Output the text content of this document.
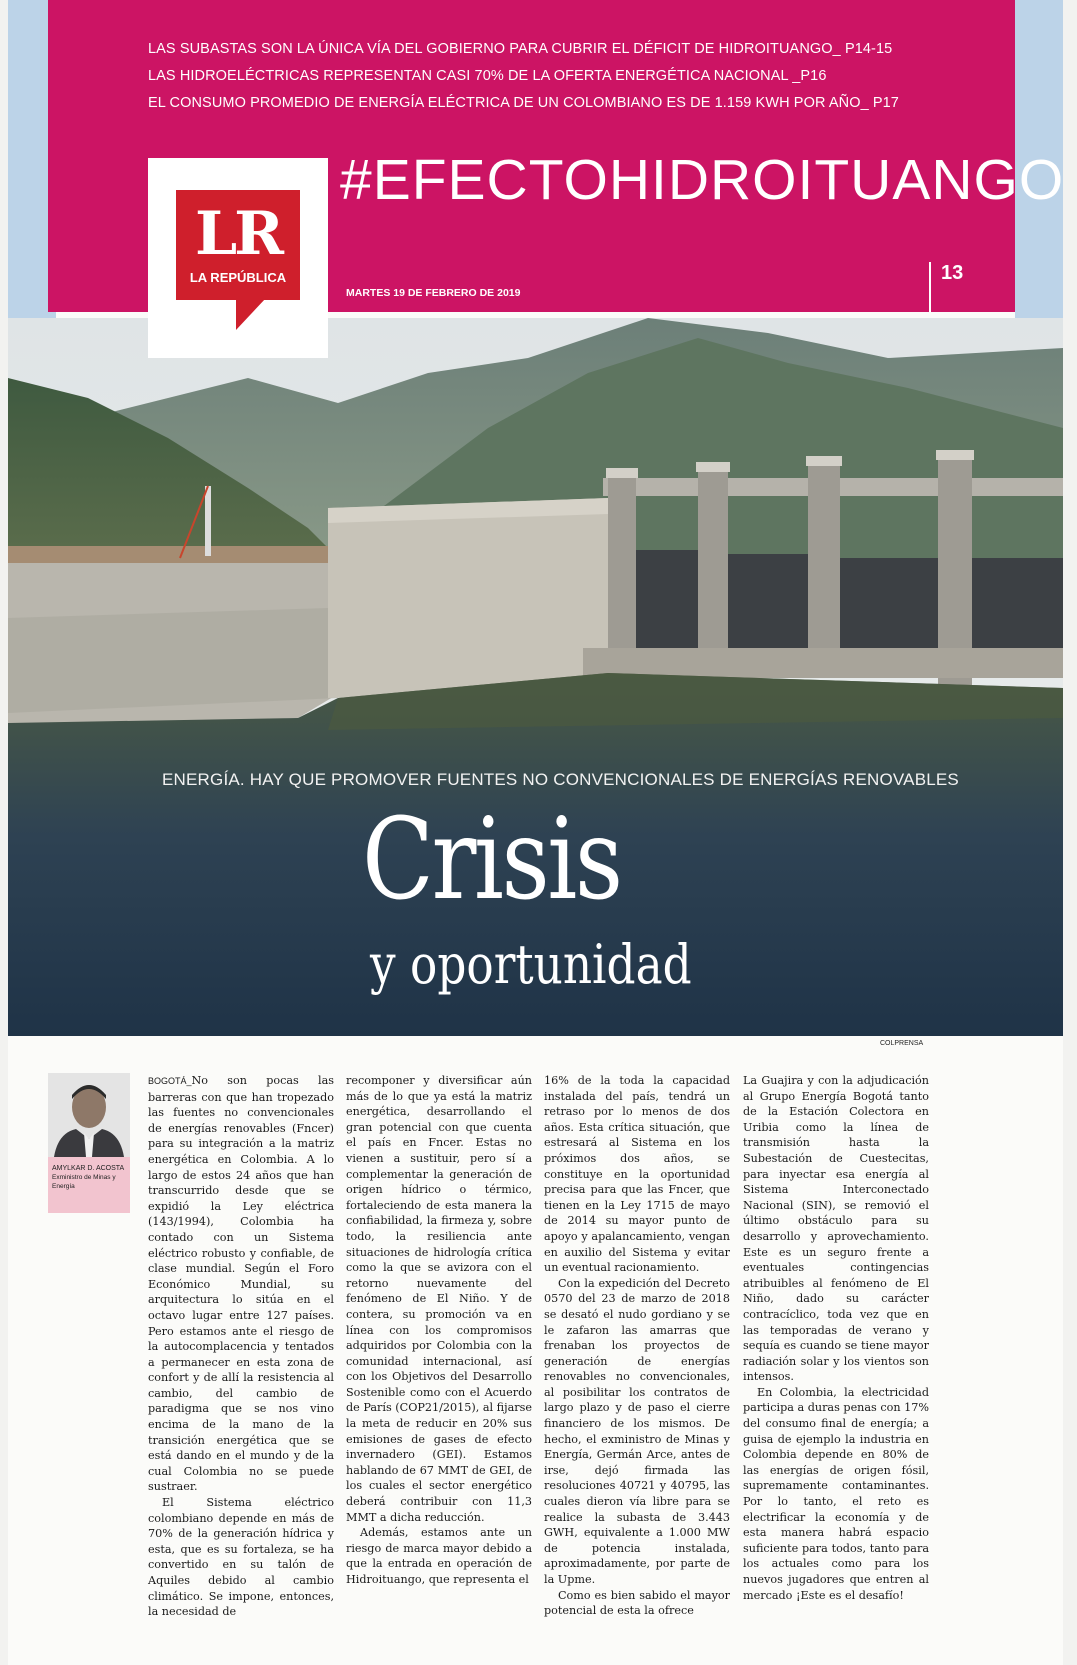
LAS SUBASTAS SON LA ÚNICA VÍA DEL GOBIERNO PARA CUBRIR EL DÉFICIT DE HIDROITUANGO_ P14-15
LAS HIDROELÉCTRICAS REPRESENTAN CASI 70% DE LA OFERTA ENERGÉTICA NACIONAL _P16
EL CONSUMO PROMEDIO DE ENERGÍA ELÉCTRICA DE UN COLOMBIANO ES DE 1.159 KWH POR AÑO_ P17
#EFECTOHIDROITUANGO
MARTES 19 DE FEBRERO DE 2019
13
LR
LA REPÚBLICA
ENERGÍA. HAY QUE PROMOVER FUENTES NO CONVENCIONALES DE ENERGÍAS RENOVABLES
Crisis
y oportunidad
COLPRENSA
AMYLKAR D. ACOSTA
Exministro de Minas y Energía

BOGOTÁ_No son pocas las barreras con que han tropezado las fuentes no convencionales de energías renovables (Fncer) para su integración a la matriz energética en Colombia. A lo largo de estos 24 años que han transcurrido desde que se expidió la Ley eléctrica (143/1994), Colombia ha contado con un Sistema eléctrico robusto y confiable, de clase mundial. Según el Foro Económico Mundial, su arquitectura lo sitúa en el octavo lugar entre 127 países. Pero estamos ante el riesgo de la autocomplacencia y tentados a permanecer en esta zona de confort y de allí la resistencia al cambio, del cambio de paradigma que se nos vino encima de la mano de la transición energética que se está dando en el mundo y de la cual Colombia no se puede sustraer.

El Sistema eléctrico colombiano depende en más de 70% de la generación hídrica y esta, que es su fortaleza, se ha convertido en su talón de Aquiles debido al cambio climático. Se impone, entonces, la necesidad de

recomponer y diversificar aún más de lo que ya está la matriz energética, desarrollando el gran potencial con que cuenta el país en Fncer. Estas no vienen a sustituir, pero sí a complementar la generación de origen hídrico o térmico, fortaleciendo de esta manera la confiabilidad, la firmeza y, sobre todo, la resiliencia ante situaciones de hidrología crítica como la que se avizora con el retorno nuevamente del fenómeno de El Niño. Y de contera, su promoción va en línea con los compromisos adquiridos por Colombia con la comunidad internacional, así con los Objetivos del Desarrollo Sostenible como con el Acuerdo de París (COP21/2015), al fijarse la meta de reducir en 20% sus emisiones de gases de efecto invernadero (GEI). Estamos hablando de 67 MMT de GEI, de los cuales el sector energético deberá contribuir con 11,3 MMT a dicha reducción.

Además, estamos ante un riesgo de marca mayor debido a que la entrada en operación de Hidroituango, que representa el

16% de la toda la capacidad instalada del país, tendrá un retraso por lo menos de dos años. Esta crítica situación, que estresará al Sistema en los próximos dos años, se constituye en la oportunidad precisa para que las Fncer, que tienen en la Ley 1715 de mayo de 2014 su mayor punto de apoyo y apalancamiento, vengan en auxilio del Sistema y evitar un eventual racionamiento.

Con la expedición del Decreto 0570 del 23 de marzo de 2018 se desató el nudo gordiano y se le zafaron las amarras que frenaban los proyectos de generación de energías renovables no convencionales, al posibilitar los contratos de largo plazo y de paso el cierre financiero de los mismos. De hecho, el exministro de Minas y Energía, Germán Arce, antes de irse, dejó firmada las resoluciones 40721 y 40795, las cuales dieron vía libre para se realice la subasta de 3.443 GWH, equivalente a 1.000 MW de potencia instalada, aproximadamente, por parte de la Upme.

Como es bien sabido el mayor potencial de esta la ofrece

La Guajira y con la adjudicación al Grupo Energía Bogotá tanto de la Estación Colectora en Uribia como la línea de transmisión hasta la Subestación de Cuestecitas, para inyectar esa energía al Sistema Interconectado Nacional (SIN), se removió el último obstáculo para su desarrollo y aprovechamiento. Este es un seguro frente a eventuales contingencias atribuibles al fenómeno de El Niño, dado su carácter contracíclico, toda vez que en las temporadas de verano y sequía es cuando se tiene mayor radiación solar y los vientos son intensos.

En Colombia, la electricidad participa a duras penas con 17% del consumo final de energía; a guisa de ejemplo la industria en Colombia depende en 80% de las energías de origen fósil, supremamente contaminantes. Por lo tanto, el reto es electrificar la economía y de esta manera habrá espacio suficiente para todos, tanto para los actuales como para los nuevos jugadores que entren al mercado ¡Este es el desafío!
